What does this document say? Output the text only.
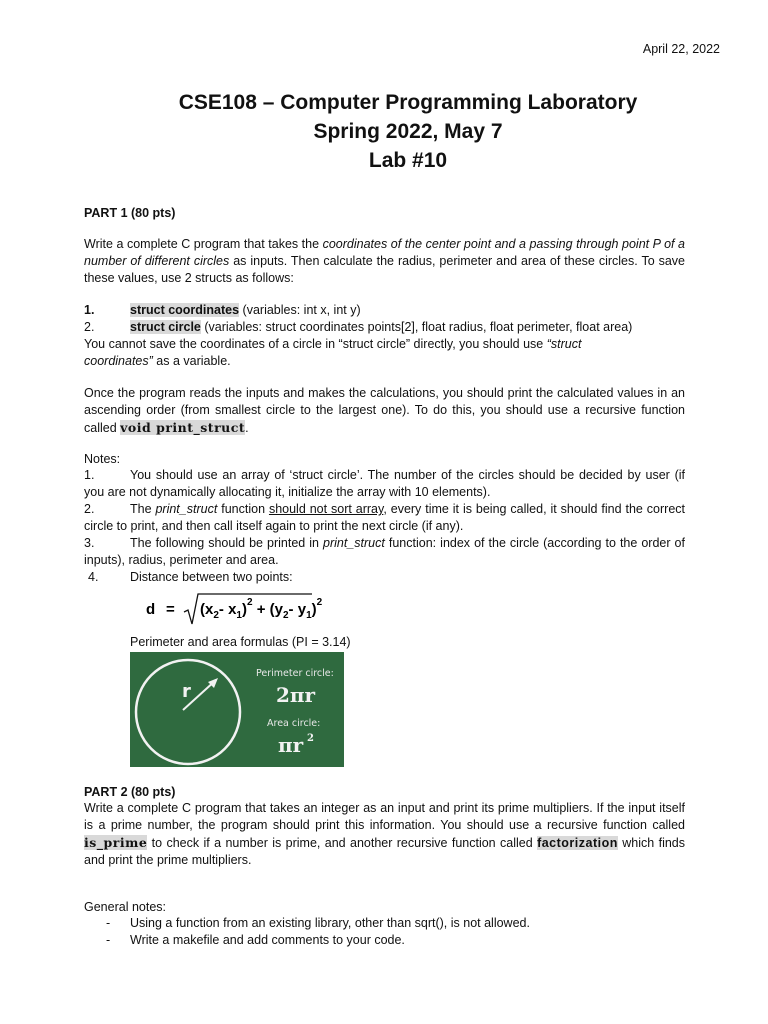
April 22, 2022
CSE108 – Computer Programming Laboratory
Spring 2022, May 7
Lab #10
PART 1 (80 pts)

Write a complete C program that takes the coordinates of the center point and a passing through point P of a number of different circles as inputs. Then calculate the radius, perimeter and area of these circles. To save these values, use 2 structs as follows:

1.	struct coordinates (variables: int x, int y)
2.	struct circle (variables: struct coordinates points[2], float radius, float perimeter, float area)
You cannot save the coordinates of a circle in “struct circle” directly, you should use “struct coordinates” as a variable.

Once the program reads the inputs and makes the calculations, you should print the calculated values in an ascending order (from smallest circle to the largest one). To do this, you should use a recursive function called void print_struct.

Notes:

1.	You should use an array of ‘struct circle’. The number of the circles should be decided by user (if you are not dynamically allocating it, initialize the array with 10 elements).

2.	The print_struct function should not sort array, every time it is being called, it should find the correct circle to print, and then call itself again to print the next circle (if any).

3.	The following should be printed in print_struct function: index of the circle (according to the order of inputs), radius, perimeter and area.

4.	Distance between two points:

$d = (x_2-$ $x_1)^2 + (y_2-$ $y_1)^2$
Perimeter and area formulas (PI = 3.14)
r
Perimeter circle:
2πr
Area circle:
πr 2
PART 2 (80 pts)

Write a complete C program that takes an integer as an input and print its prime multipliers. If the input itself is a prime number, the program should print this information. You should use a recursive function called is_prime to check if a number is prime, and another recursive function called factorization which finds and print the prime multipliers.

General notes:
- Using a function from an existing library, other than sqrt(), is not allowed.
- Write a makefile and add comments to your code.
